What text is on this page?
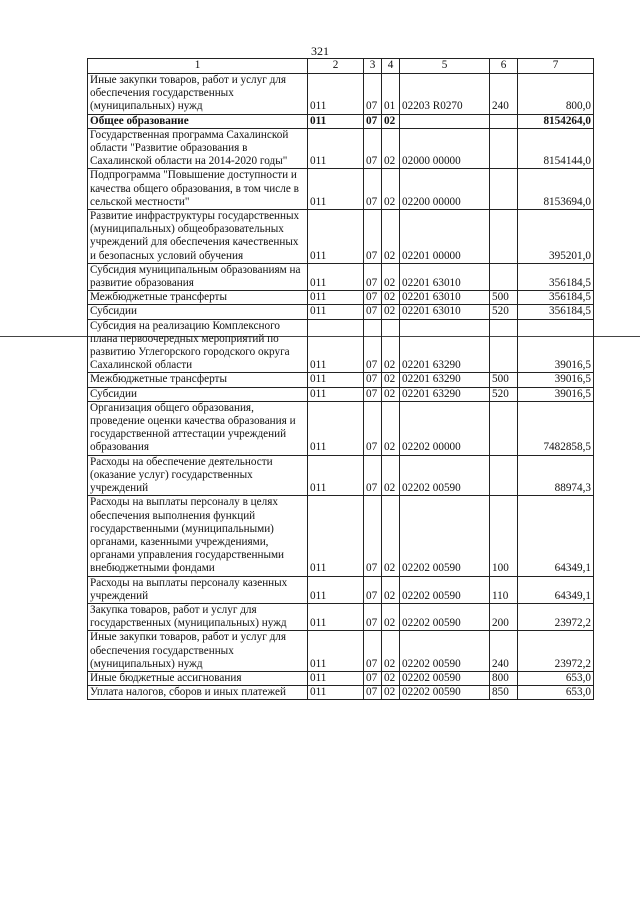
321
1	2	3	4	5	6	7
Иные закупки товаров, работ и услуг для обеспечения государственных (муниципальных) нужд	011	07	01	02203 R0270	240	800,0
Общее образование	011	07	02			8154264,0
Государственная программа Сахалинской области "Развитие образования в Сахалинской области на 2014-2020 годы"	011	07	02	02000 00000		8154144,0
Подпрограмма "Повышение доступности и качества общего образования, в том числе в сельской местности"	011	07	02	02200 00000		8153694,0
Развитие инфраструктуры государственных (муниципальных) общеобразовательных учреждений для обеспечения качественных и безопасных условий обучения	011	07	02	02201 00000		395201,0
Субсидия муниципальным образованиям на развитие образования	011	07	02	02201 63010		356184,5
Межбюджетные трансферты	011	07	02	02201 63010	500	356184,5
Субсидии	011	07	02	02201 63010	520	356184,5
Субсидия на реализацию Комплексного плана первоочередных мероприятий по развитию Углегорского городского округа Сахалинской области	011	07	02	02201 63290		39016,5
Межбюджетные трансферты	011	07	02	02201 63290	500	39016,5
Субсидии	011	07	02	02201 63290	520	39016,5
Организация общего образования, проведение оценки качества образования и государственной аттестации учреждений образования	011	07	02	02202 00000		7482858,5
Расходы на обеспечение деятельности (оказание услуг) государственных учреждений	011	07	02	02202 00590		88974,3
Расходы на выплаты персоналу в целях обеспечения выполнения функций государственными (муниципальными) органами, казенными учреждениями, органами управления государственными внебюджетными фондами	011	07	02	02202 00590	100	64349,1
Расходы на выплаты персоналу казенных учреждений	011	07	02	02202 00590	110	64349,1
Закупка товаров, работ и услуг для государственных (муниципальных) нужд	011	07	02	02202 00590	200	23972,2
Иные закупки товаров, работ и услуг для обеспечения государственных (муниципальных) нужд	011	07	02	02202 00590	240	23972,2
Иные бюджетные ассигнования	011	07	02	02202 00590	800	653,0
Уплата налогов, сборов и иных платежей	011	07	02	02202 00590	850	653,0
